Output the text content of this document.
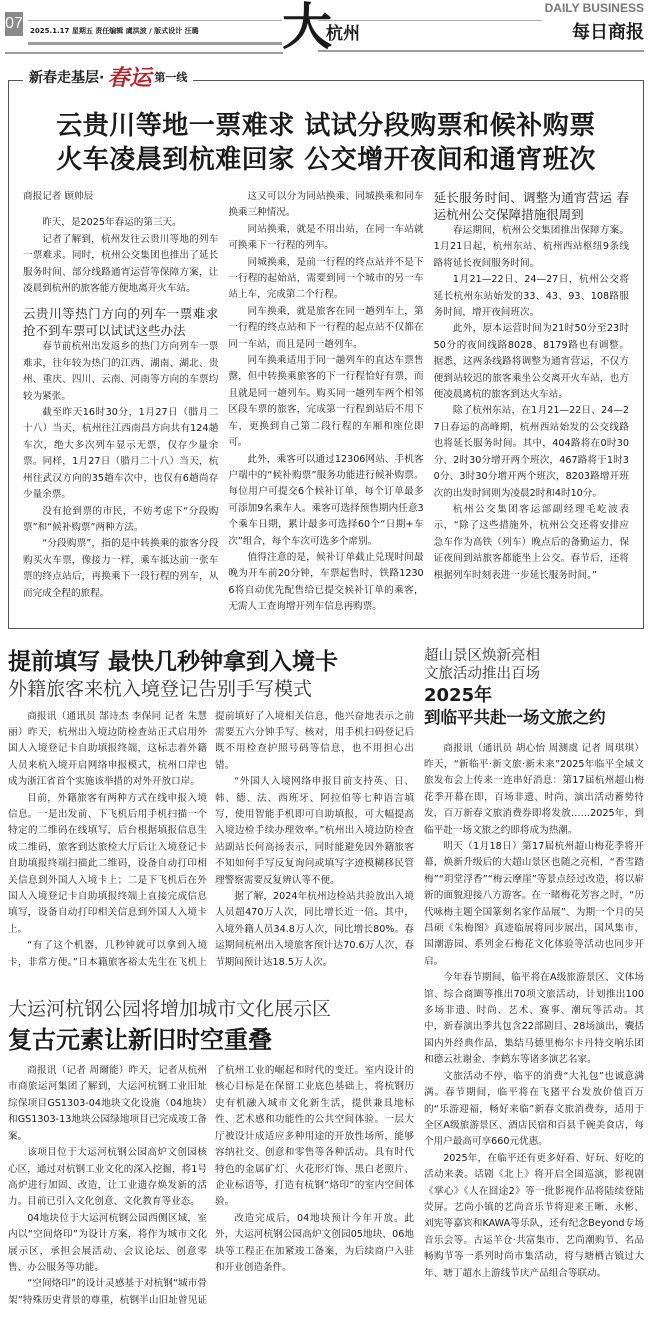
07 2025.1.17 星期五 责任编辑 虞洪波 / 版式设计 汪璐 大
杭州
DAILY BUSINESS
每日商报
新春走基层· 春运 第一线
云贵川等地一票难求 试试分段购票和候补购票
火车凌晨到杭难回家 公交增开夜间和通宵班次

商报记者 顾帅辰

昨天，是2025年春运的第三天。

记者了解到，杭州发往云贵川等地的列车一票难求。同时，杭州公交集团也推出了延长服务时间、部分线路通宵运营等保障方案，让凌晨到杭州的旅客能方便地离开火车站。

云贵川等热门方向的列车一票难求 抢不到车票可以试试这些办法

春节前杭州出发返乡的热门方向列车一票难求，往年较为热门的江西、湖南、湖北、贵州、重庆、四川、云南、河南等方向的车票均较为紧张。

截至昨天16时30分，1月27日（腊月二十八）当天，杭州往江西南昌方向共有124趟车次，绝大多次列车显示无票，仅存少量余票。同样，1月27日（腊月二十八）当天，杭州往武汉方向的35趟车次中，也仅有6趟尚存少量余票。

没有抢到票的市民，不妨考虑下“分段购票”和“候补购票”两种方法。

“分段购票”，指的是中转换乘的旅客分段购买火车票，像接力一样，乘车抵达前一张车票的终点站后，再换乘下一段行程的列车，从而完成全程的旅程。

这又可以分为同站换乘、同城换乘和同车换乘三种情况。

同站换乘，就是不用出站，在同一车站就可换乘下一行程的列车。

同城换乘，是前一行程的终点站并不是下一行程的起始站，需要到同一个城市的另一车站上车，完成第二个行程。

同车换乘，就是旅客在同一趟列车上，第一行程的终点站和下一行程的起点站不仅都在同一车站，而且是同一趟列车。

同车换乘适用于同一趟列车的直达车票售罄，但中转换乘旅客的下一行程恰好有票，而且就是同一趟列车。购买同一趟列车两个相邻区段车票的旅客，完成第一行程到站后不用下车，更换到自己第二段行程的车厢和座位即可。

此外，乘客可以通过12306网站、手机客户端中的“候补购票”服务功能进行候补购票。每位用户可提交6个候补订单，每个订单最多可添加9名乘车人。乘客可选择预售期内任意3个乘车日期，累计最多可选择60个“日期+车次”组合，每个车次可选多个席别。

值得注意的是，候补订单截止兑现时间最晚为开车前20分钟，车票起售时，铁路12306将自动优先配售给已提交候补订单的乘客，无需人工查询增开列车信息再购票。

延长服务时间、调整为通宵营运 春运杭州公交保障措施很周到

春运期间，杭州公交集团推出保障方案。1月21日起，杭州东站、杭州西站枢纽9条线路将延长夜间服务时间。

1月21—22日、24—27日，杭州公交将延长杭州东站始发的33、43、93、108路服务时间，增开夜间班次。

此外，原本运营时间为21时50分至23时50分的夜间线路8028、8179路也有调整。据悉，这两条线路将调整为通宵营运，不仅方便到站较迟的旅客乘坐公交离开火车站，也方便凌晨离杭的旅客到达火车站。

除了杭州东站，在1月21—22日、24—27日春运的高峰期，杭州西站始发的公交线路也将延长服务时间。其中，404路将在0时30分、2时30分增开两个班次，467路将于1时30分、3时30分增开两个班次，8203路增开班次的出发时间则为凌晨2时和4时10分。

杭州公交集团客运部副经理毛屹波表示，“除了这些措施外，杭州公交还将安排应急车作为高铁（列车）晚点后的备勤运力，保证夜间到站旅客都能坐上公交。春节后，还将根据列车时刻表进一步延长服务时间。”

提前填写 最快几秒钟拿到入境卡
外籍旅客来杭入境登记告别手写模式

商报讯（通讯员 郜诗杰 李保同 记者 朱慧丽）昨天，杭州出入境边防检查站正式启用外国人入境登记卡自助填报终端，这标志着外籍人员来杭入境开启网络申报模式，杭州口岸也成为浙江省首个实施该举措的对外开放口岸。

目前，外籍旅客有两种方式在线申报入境信息。一是出发前、下飞机后用手机扫描一个特定的二维码在线填写，后台根据填报信息生成二维码，旅客到达旅检大厅后让入境登记卡自助填报终端扫描此二维码，设备自动打印相关信息到外国人入境卡上；二是下飞机后在外国人入境登记卡自助填报终端上直接完成信息填写，设备自动打印相关信息到外国人入境卡上。

“有了这个机器，几秒钟就可以拿到入境卡，非常方便。”日本籍旅客裕太先生在飞机上提前填好了入境相关信息，他兴奋地表示之前需要五六分钟手写、核对，用手机扫码登记后既不用检查护照号码等信息，也不用担心出错。

“外国人入境网络申报目前支持英、日、韩、德、法、西班牙、阿拉伯等七种语言填写，使用智能手机即可自助填报，可大幅提高入境边检手续办理效率。”杭州出入境边防检查站副站长何高扬表示，同时能避免因外籍旅客不知如何手写反复询问或填写字迹模糊移民管理警察需要反复辨认等不便。

据了解，2024年杭州边检站共验放出入境人员超470万人次，同比增长近一倍。其中，入境外籍人员34.8万人次，同比增长80%。春运期间杭州出入境旅客预计达70.6万人次，春节期间预计达18.5万人次。

大运河杭钢公园将增加城市文化展示区
复古元素让新旧时空重叠

商报讯（记者 周爾能）昨天，记者从杭州市商旅运河集团了解到，大运河杭钢工业旧址综保项目GS1303-04地块文化设施（04地块）和GS1303-13地块公园绿地项目已完成竣工备案。

该项目位于大运河杭钢公园高炉文创园核心区，通过对杭钢工业文化的深入挖掘，将1号高炉进行加固、改造，让工业遗存焕发新的活力。目前已引入文化创意、文化教育等业态。

04地块位于大运河杭钢公园西侧区域，室内以“空间烙印”为设计方案，将作为城市文化展示区，承担会展活动、会议论坛、创意零售、办公服务等功能。

“空间烙印”的设计灵感基于对杭钢“城市骨架”特殊历史背景的尊重，杭钢半山旧址曾见证了杭州工业的崛起和时代的变迁。室内设计的核心目标是在保留工业底色基础上，将杭钢历史有机融入城市文化新生活，提供兼具地标性、艺术感和功能性的公共空间体验。一层大厅被设计成适应多种用途的开放性场所，能够容纳社交、创意和零售等各种活动。具有时代特色的金属矿灯、火花形灯饰、黑白老照片、企业标语等，打造有杭钢“烙印”的室内空间体验。

改造完成后，04地块预计今年开放。此外，大运河杭钢公园高炉文创园05地块、06地块等工程正在加紧竣工备案，为后续商户入驻和开业创造条件。

超山景区焕新亮相
文旅活动推出百场
2025年
到临平共赴一场文旅之约

商报讯（通讯员 胡心怡 周测虞 记者 周琪琪）昨天，“新临平·新文旅·新未来”2025年临平全域文旅发布会上传来一连串好消息：第17届杭州超山梅花季开幕在即，百场非遗、时尚、演出活动蓄势待发，百万新春文旅消费券即将发放……2025年，到临平赴一场文旅之约即将成为热潮。

明天（1月18日）第17届杭州超山梅花季将开幕，焕新升级后的大超山景区也随之亮相，“香雪踏梅”“玥堂浮香”“梅云摩崖”等景点经过改造，将以崭新的面貌迎接八方游客。在一睹梅花芳容之时，“历代咏梅主题全国篆刻名家作品展”、为期一个月的吴昌硕《朱梅图》真迹临展将同步展出，国风集市、国潮游园、系列金石梅花文化体验等活动也同步开启。

今年春节期间，临平将在A级旅游景区、文体场馆、综合商圈等推出70项文旅活动，计划推出100多场非遗、时尚、艺术、赛事、潮玩等活动。其中，新春演出季共包含22部剧目、28场演出，囊括国内外经典作品，集结马德里梅尔卡丹特交响乐团和德云社谢金、李鹤东等诸多演艺名家。

文旅活动不停，临平的消费“大礼包”也诚意满满。春节期间，临平将在飞猪平台发放价值百万的“乐游迎福，畅好来临”新春文旅消费券，适用于全区A级旅游景区、酒店民宿和百县千碗美食店，每个用户最高可享660元优惠。

2025年，在临平还有更多好看、好玩、好吃的活动来袭。话剧《北上》将开启全国巡演，影视剧《掌心》《人在囧途2》等一批影视作品将陆续登陆荧屏。艺尚小镇的艺尚音乐节将迎来王晰、永彬、刘宪等嘉宾和KAWA等乐队，还有纪念Beyond专场音乐会等。古运羊仓·共富集市、艺尚潮购节、名品畅购节等一系列时尚市集活动，将与塘栖古镇过大年、塘丁超水上游线节庆产品组合等联动。
